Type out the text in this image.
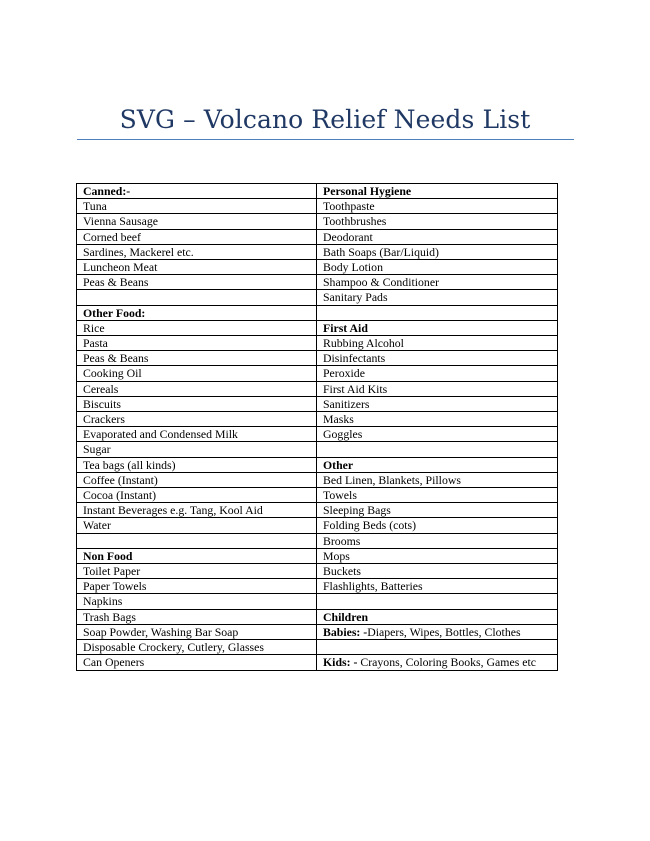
SVG – Volcano Relief Needs List
Canned:-	Personal Hygiene
Tuna	Toothpaste
Vienna Sausage	Toothbrushes
Corned beef	Deodorant
Sardines, Mackerel etc.	Bath Soaps (Bar/Liquid)
Luncheon Meat	Body Lotion
Peas & Beans	Shampoo & Conditioner
	Sanitary Pads
Other Food:	
Rice	First Aid
Pasta	Rubbing Alcohol
Peas & Beans	Disinfectants
Cooking Oil	Peroxide
Cereals	First Aid Kits
Biscuits	Sanitizers
Crackers	Masks
Evaporated and Condensed Milk	Goggles
Sugar	
Tea bags (all kinds)	Other
Coffee (Instant)	Bed Linen, Blankets, Pillows
Cocoa (Instant)	Towels
Instant Beverages e.g. Tang, Kool Aid	Sleeping Bags
Water	Folding Beds (cots)
	Brooms
Non Food	Mops
Toilet Paper	Buckets
Paper Towels	Flashlights, Batteries
Napkins	
Trash Bags	Children
Soap Powder, Washing Bar Soap	Babies: -Diapers, Wipes, Bottles, Clothes
Disposable Crockery, Cutlery, Glasses	
Can Openers	Kids: - Crayons, Coloring Books, Games etc
